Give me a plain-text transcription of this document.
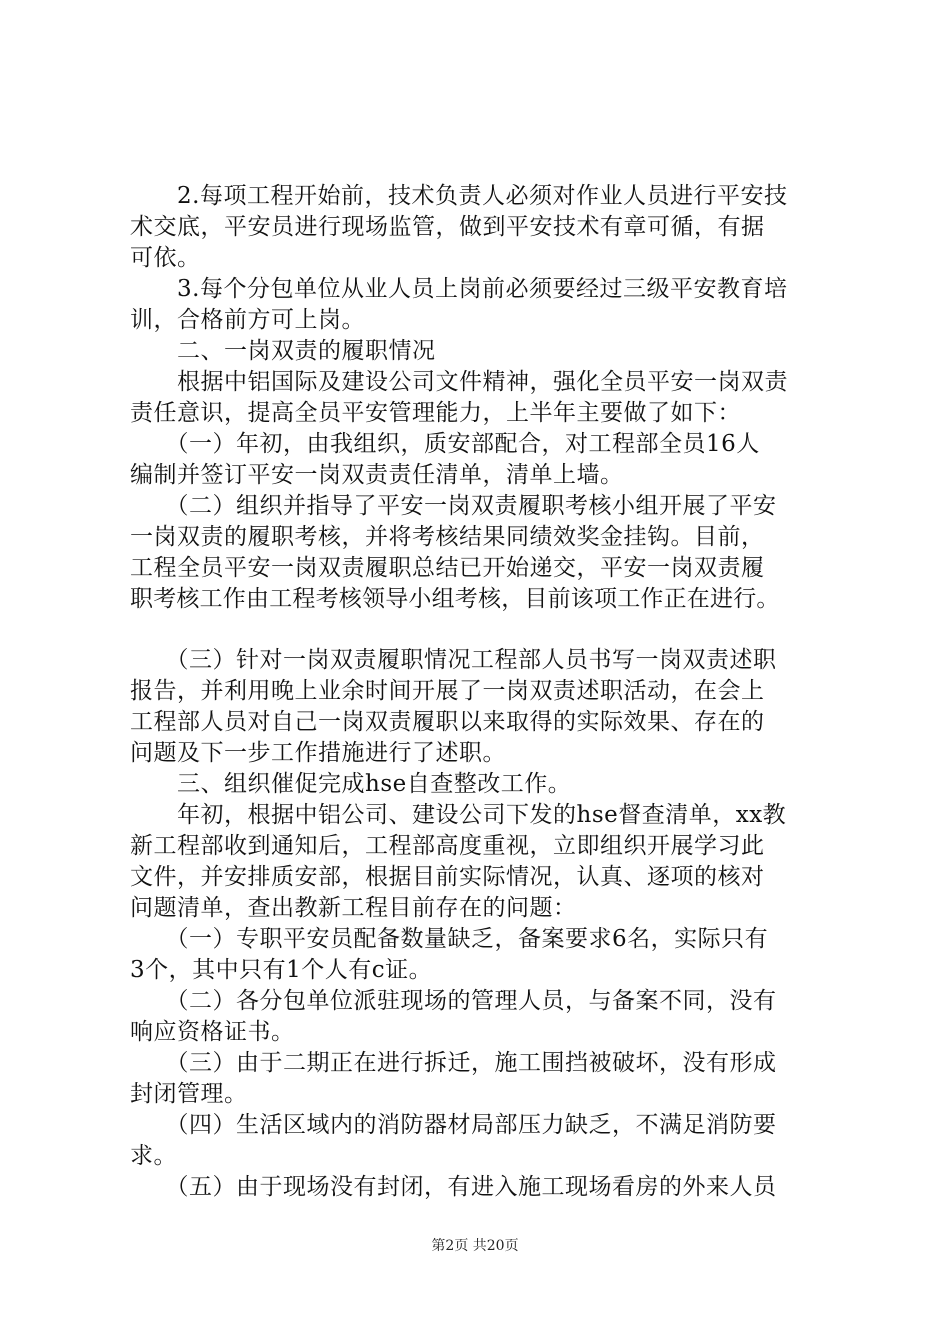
　　2.每项工程开始前，技术负责人必须对作业人员进行平安技
术交底，平安员进行现场监管，做到平安技术有章可循，有据
可依。
　　3.每个分包单位从业人员上岗前必须要经过三级平安教育培
训，合格前方可上岗。
　　二、一岗双责的履职情况
　　根据中铝国际及建设公司文件精神，强化全员平安一岗双责
责任意识，提高全员平安管理能力，上半年主要做了如下：
　　（一）年初，由我组织，质安部配合，对工程部全员16人
编制并签订平安一岗双责责任清单，清单上墙。
　　（二）组织并指导了平安一岗双责履职考核小组开展了平安
一岗双责的履职考核，并将考核结果同绩效奖金挂钩。目前，
工程全员平安一岗双责履职总结已开始递交，平安一岗双责履
职考核工作由工程考核领导小组考核，目前该项工作正在进行。
　　（三）针对一岗双责履职情况工程部人员书写一岗双责述职
报告，并利用晚上业余时间开展了一岗双责述职活动，在会上
工程部人员对自己一岗双责履职以来取得的实际效果、存在的
问题及下一步工作措施进行了述职。
　　三、组织催促完成hse自查整改工作。
　　年初，根据中铝公司、建设公司下发的hse督查清单，xx教
新工程部收到通知后，工程部高度重视，立即组织开展学习此
文件，并安排质安部，根据目前实际情况，认真、逐项的核对
问题清单，查出教新工程目前存在的问题：
　　（一）专职平安员配备数量缺乏，备案要求6名，实际只有
3个，其中只有1个人有c证。
　　（二）各分包单位派驻现场的管理人员，与备案不同，没有
响应资格证书。
　　（三）由于二期正在进行拆迁，施工围挡被破坏，没有形成
封闭管理。
　　（四）生活区域内的消防器材局部压力缺乏，不满足消防要
求。
　　（五）由于现场没有封闭，有进入施工现场看房的外来人员
第2页 共20页
